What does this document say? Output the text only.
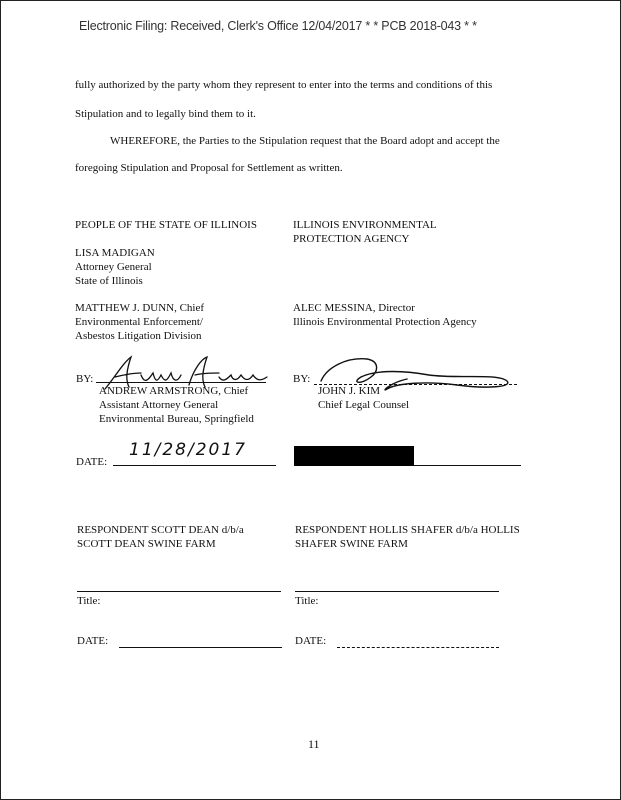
Electronic Filing: Received, Clerk's Office 12/04/2017 * * PCB 2018-043 * *
fully authorized by the party whom they represent to enter into the terms and conditions of this
Stipulation and to legally bind them to it.
WHEREFORE, the Parties to the Stipulation request that the Board adopt and accept the
foregoing Stipulation and Proposal for Settlement as written.
PEOPLE OF THE STATE OF ILLINOIS
LISA MADIGAN
Attorney General
State of Illinois
MATTHEW J. DUNN, Chief
Environmental Enforcement/
Asbestos Litigation Division
ILLINOIS ENVIRONMENTAL
PROTECTION AGENCY
ALEC MESSINA, Director
Illinois Environmental Protection Agency
BY:
ANDREW ARMSTRONG, Chief
Assistant Attorney General
Environmental Bureau, Springfield
BY:
JOHN J. KIM
Chief Legal Counsel
DATE:
11/28/2017
RESPONDENT SCOTT DEAN d/b/a
SCOTT DEAN SWINE FARM
RESPONDENT HOLLIS SHAFER d/b/a HOLLIS
SHAFER SWINE FARM
Title:	Title:
DATE:	DATE:
11
